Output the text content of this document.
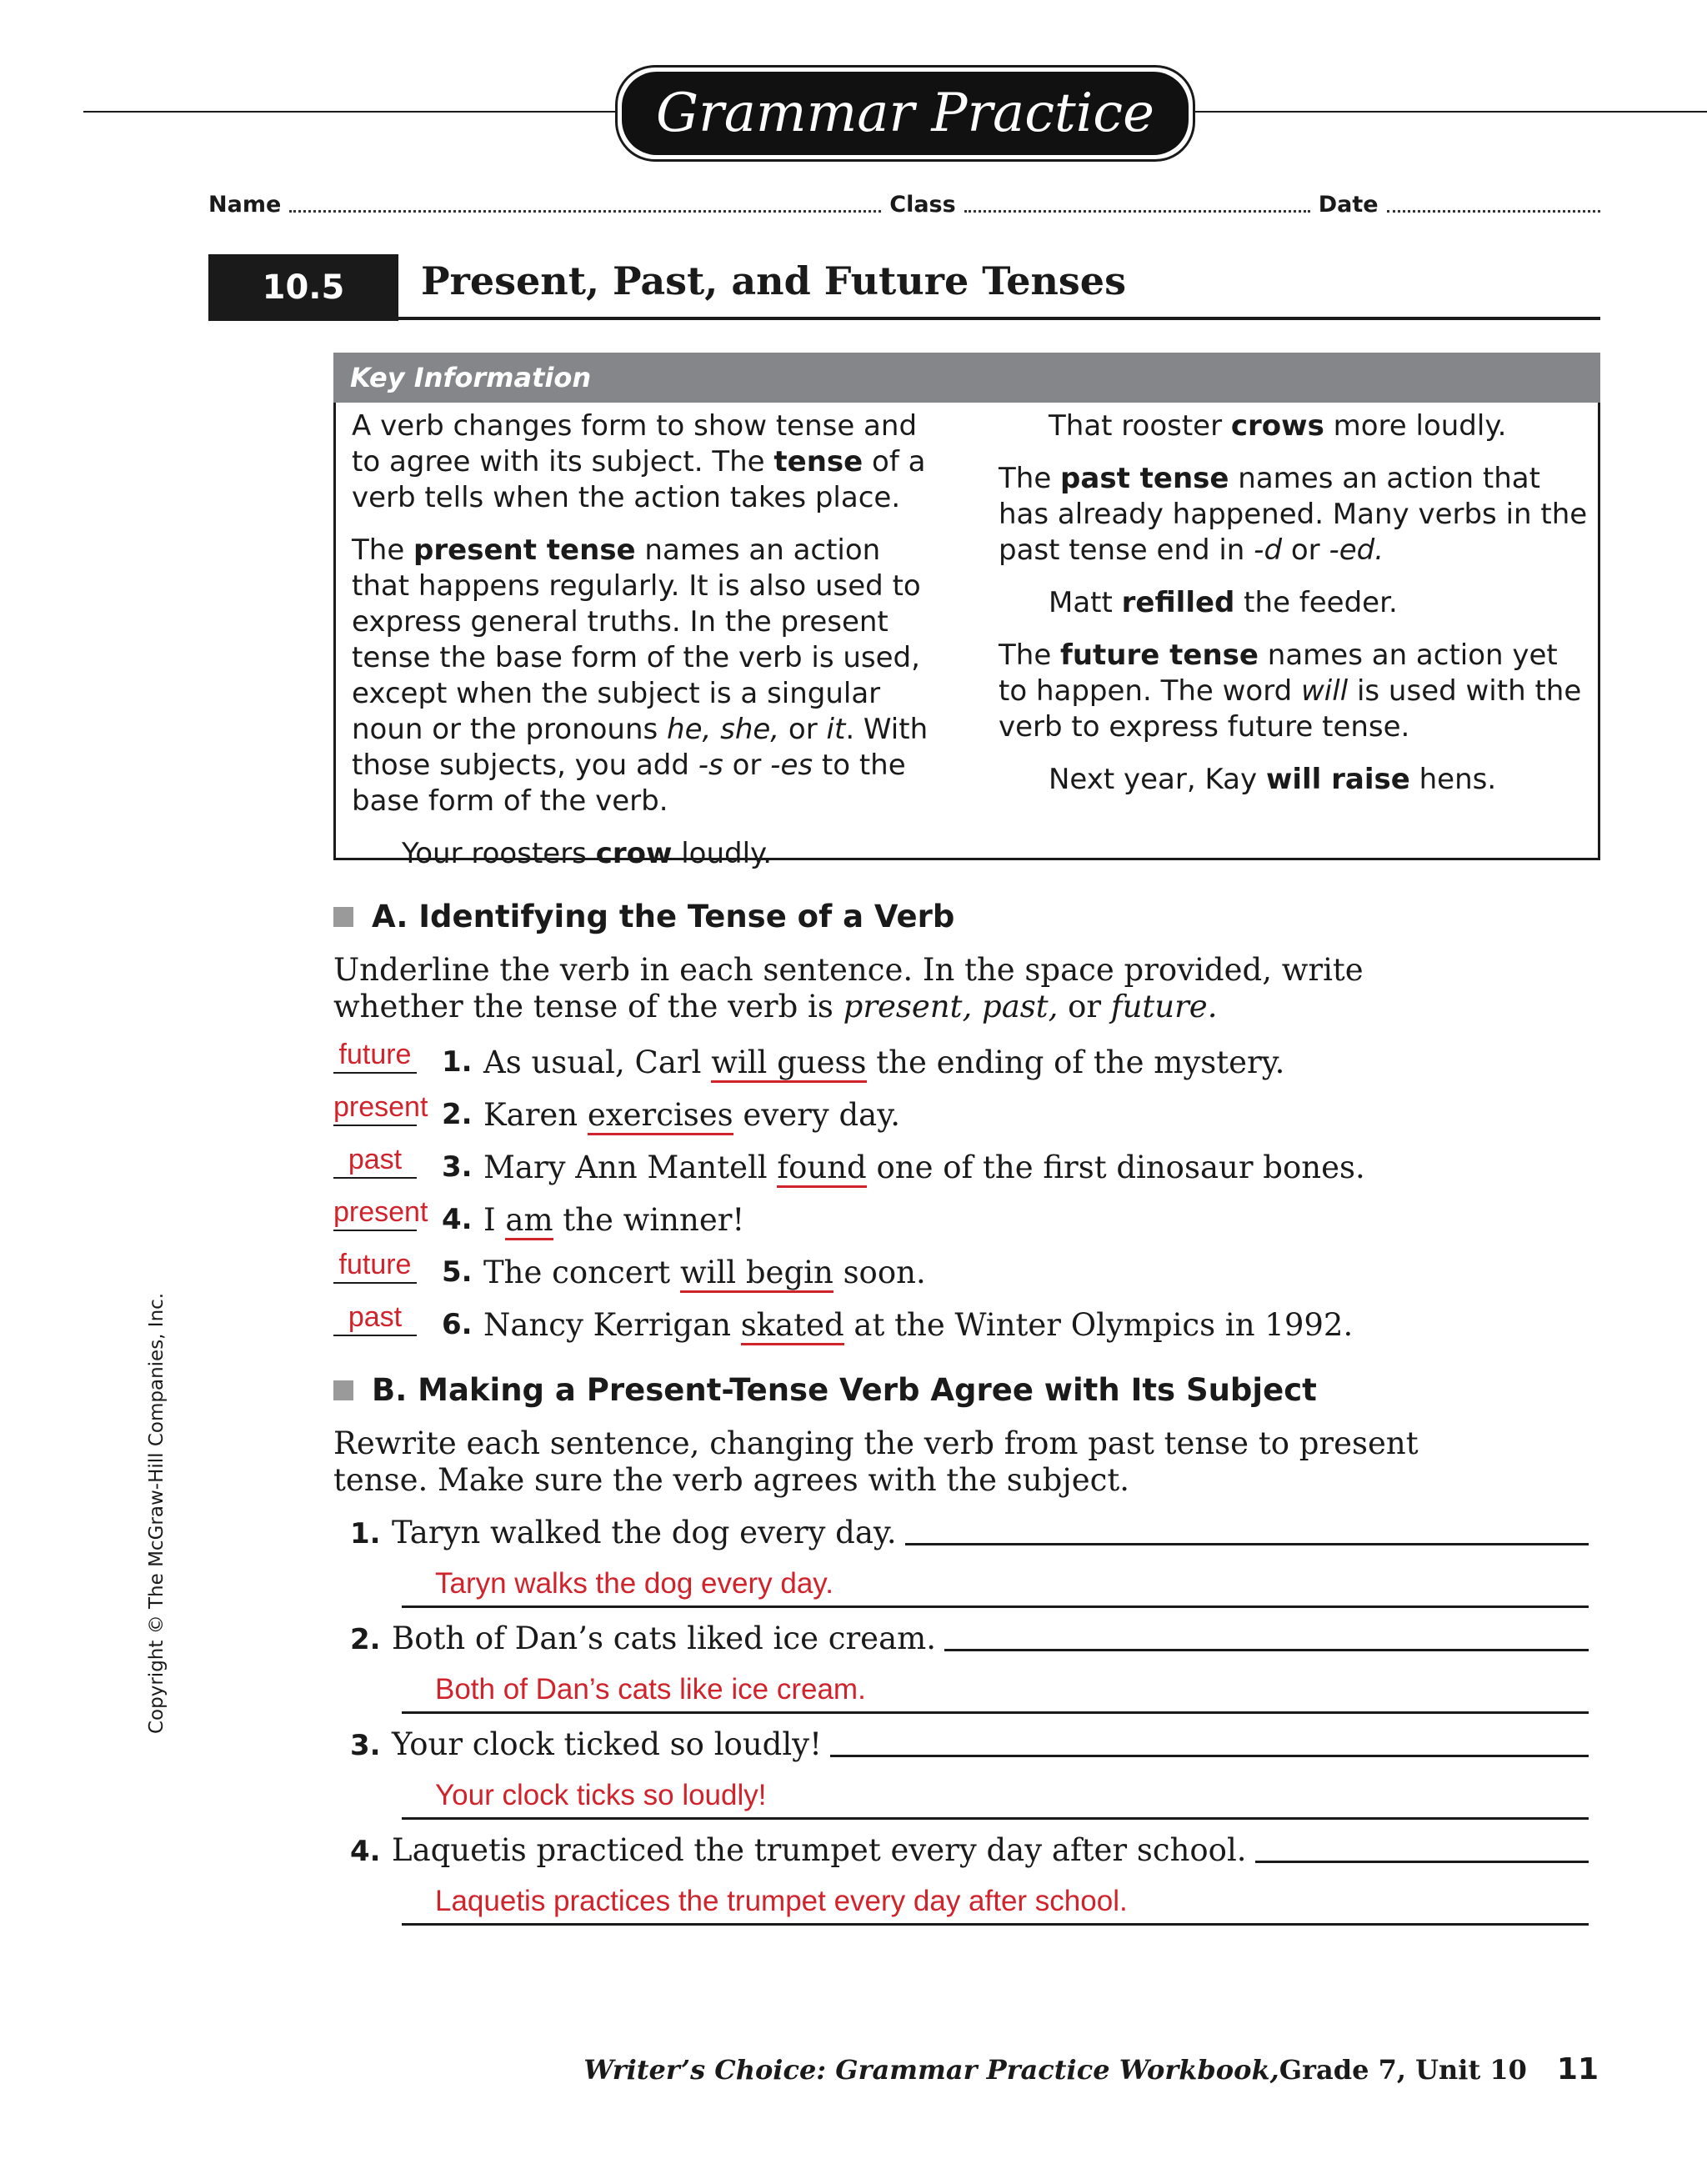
Grammar Practice
Name	Class	Date
10.5	Present, Past, and Future Tenses
Key Information

A verb changes form to show tense and to agree with its subject. The tense of a verb tells when the action takes place.

The present tense names an action that happens regularly. It is also used to express general truths. In the present tense the base form of the verb is used, except when the subject is a singular noun or the pronouns he, she, or it. With those subjects, you add -s or -es to the base form of the verb.

Your roosters crow loudly.

That rooster crows more loudly.

The past tense names an action that has already happened. Many verbs in the past tense end in -d or -ed.

Matt refilled the feeder.

The future tense names an action yet to happen. The word will is used with the verb to express future tense.

Next year, Kay will raise hens.

A. Identifying the Tense of a Verb
Underline the verb in each sentence. In the space provided, write whether the tense of the verb is present, past, or future.
future 1. As usual, Carl will guess the ending of the mystery.
present 2. Karen exercises every day.
past	3. Mary Ann Mantell found one of the first dinosaur bones.
present 4. I am the winner!
future 5. The concert will begin soon.
past	6. Nancy Kerrigan skated at the Winter Olympics in 1992.
B. Making a Present-Tense Verb Agree with Its Subject
Rewrite each sentence, changing the verb from past tense to present tense. Make sure the verb agrees with the subject.
1. Taryn walked the dog every day.
Taryn walks the dog every day.
2. Both of Dan’s cats liked ice cream.
Both of Dan’s cats like ice cream.
3. Your clock ticked so loudly!
Your clock ticks so loudly!
4. Laquetis practiced the trumpet every day after school.
Laquetis practices the trumpet every day after school.
Copyright © The McGraw-Hill Companies, Inc.
Writer’s Choice: Grammar Practice Workbook, Grade 7, Unit 10 11
